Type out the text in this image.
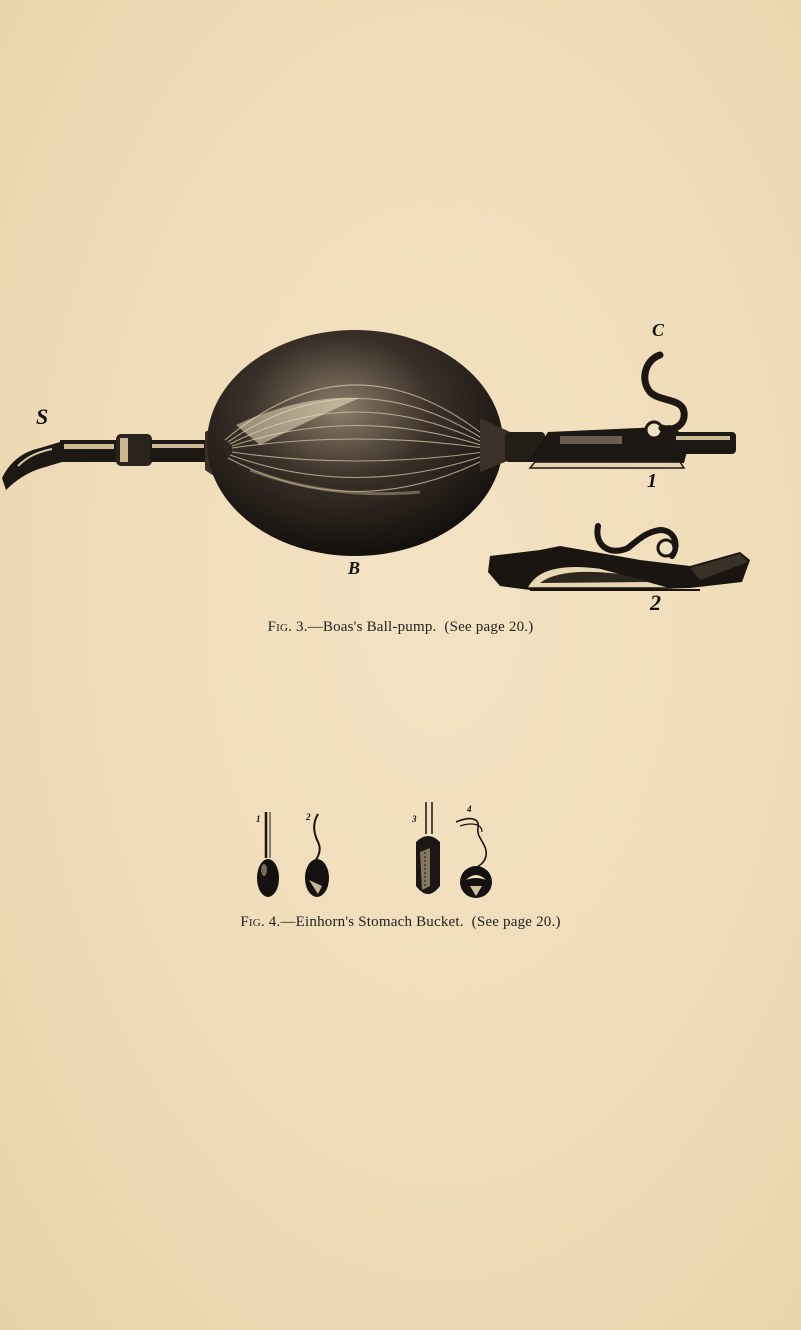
S
B
C
1
2
Fig. 3.—Boas's Ball-pump. (See page 20.)
1	2	3
4
Fig. 4.—Einhorn's Stomach Bucket. (See page 20.)
